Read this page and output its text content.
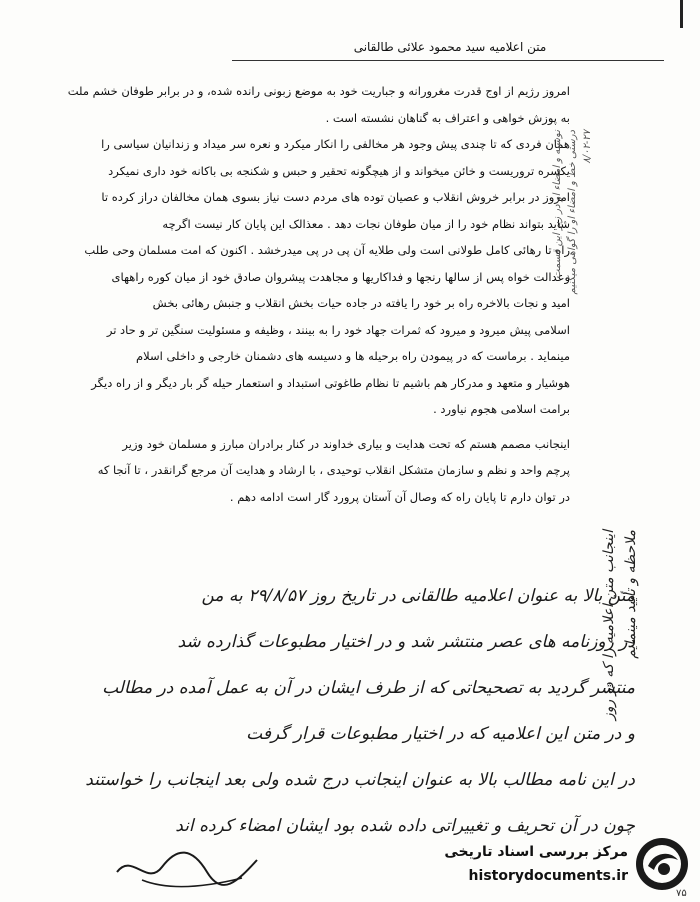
متن اعلامیه سید محمود علائی طالقانی
امروز رژیم از اوج قدرت مغرورانه و جباریت خود به موضع زبونی رانده شده، و در برابر طوفان خشم ملت
به پوزش خواهی و اعتراف به گناهان نشسته است .
همان فردی که تا چندی پیش وجود هر مخالفی را انکار میکرد و نعره سر میداد و زندانیان سیاسی را
یکسره تروریست و خائن میخواند و از هیچگونه تحقیر و حبس و شکنجه بی باکانه خود داری نمیکرد
امروز در برابر خروش انقلاب و عصیان توده های مردم دست نیاز بسوی همان مخالفان دراز کرده تا
شاید بتواند نظام خود را از میان طوفان نجات دهد . معذالک این پایان کار نیست اگرچه
راه تا رهائی کامل طولانی است ولی طلایه آن پی در پی میدرخشد . اکنون که امت مسلمان وحی طلب
وعدالت خواه پس از سالها رنجها و فداکاریها و مجاهدت پیشروان صادق خود از میان کوره راههای
امید و نجات بالاخره راه بر خود را یافته در جاده حیات بخش انقلاب و جنبش رهائی بخش
اسلامی پیش میرود و میرود که ثمرات جهاد خود را به بینند ، وظیفه و مسئولیت سنگین تر و حاد تر
مینماید . برماست که در پیمودن راه برحیله ها و دسیسه های دشمنان خارجی و داخلی اسلام
هوشیار و متعهد و مدرکار هم باشیم تا نظام طاغوتی استبداد و استعمار حیله گر بار دیگر و از راه دیگر
برامت اسلامی هجوم نیاورد .
اینجانب مصمم هستم که تحت هدایت و بیاری خداوند در کنار برادران مبارز و مسلمان خود وزیر
پرچم واحد و نظم و سازمان متشکل انقلاب توحیدی ، با ارشاد و هدایت آن مرجع گرانقدر ، تا آنجا که
در توان دارم تا پایان راه که وصال آن آستان پرورد گار است ادامه دهم .
نوشته و امضاء او در زیر این قسمت درستی خط و امضاء او را گواهی میکنیم ۸/۰۲-۲۷
اینجانب متن اعلامیه را که در روز ملاحظه و تأیید مینمایم
متن بالا به عنوان اعلامیه طالقانی در تاریخ روز ۲۹/۸/۵۷ به من
در روزنامه های عصر منتشر شد و در اختیار مطبوعات گذارده شد
منتشر گردید به تصحیحاتی که از طرف ایشان در آن به عمل آمده در مطالب
و در متن این اعلامیه که در اختیار مطبوعات قرار گرفت
در این نامه مطالب بالا به عنوان اینجانب درج شده ولی بعد اینجانب را خواستند
چون در آن تحریف و تغییراتی داده شده بود ایشان امضاء کرده اند
مرکز بررسی اسناد تاریخی
historydocuments.ir
۷۵
